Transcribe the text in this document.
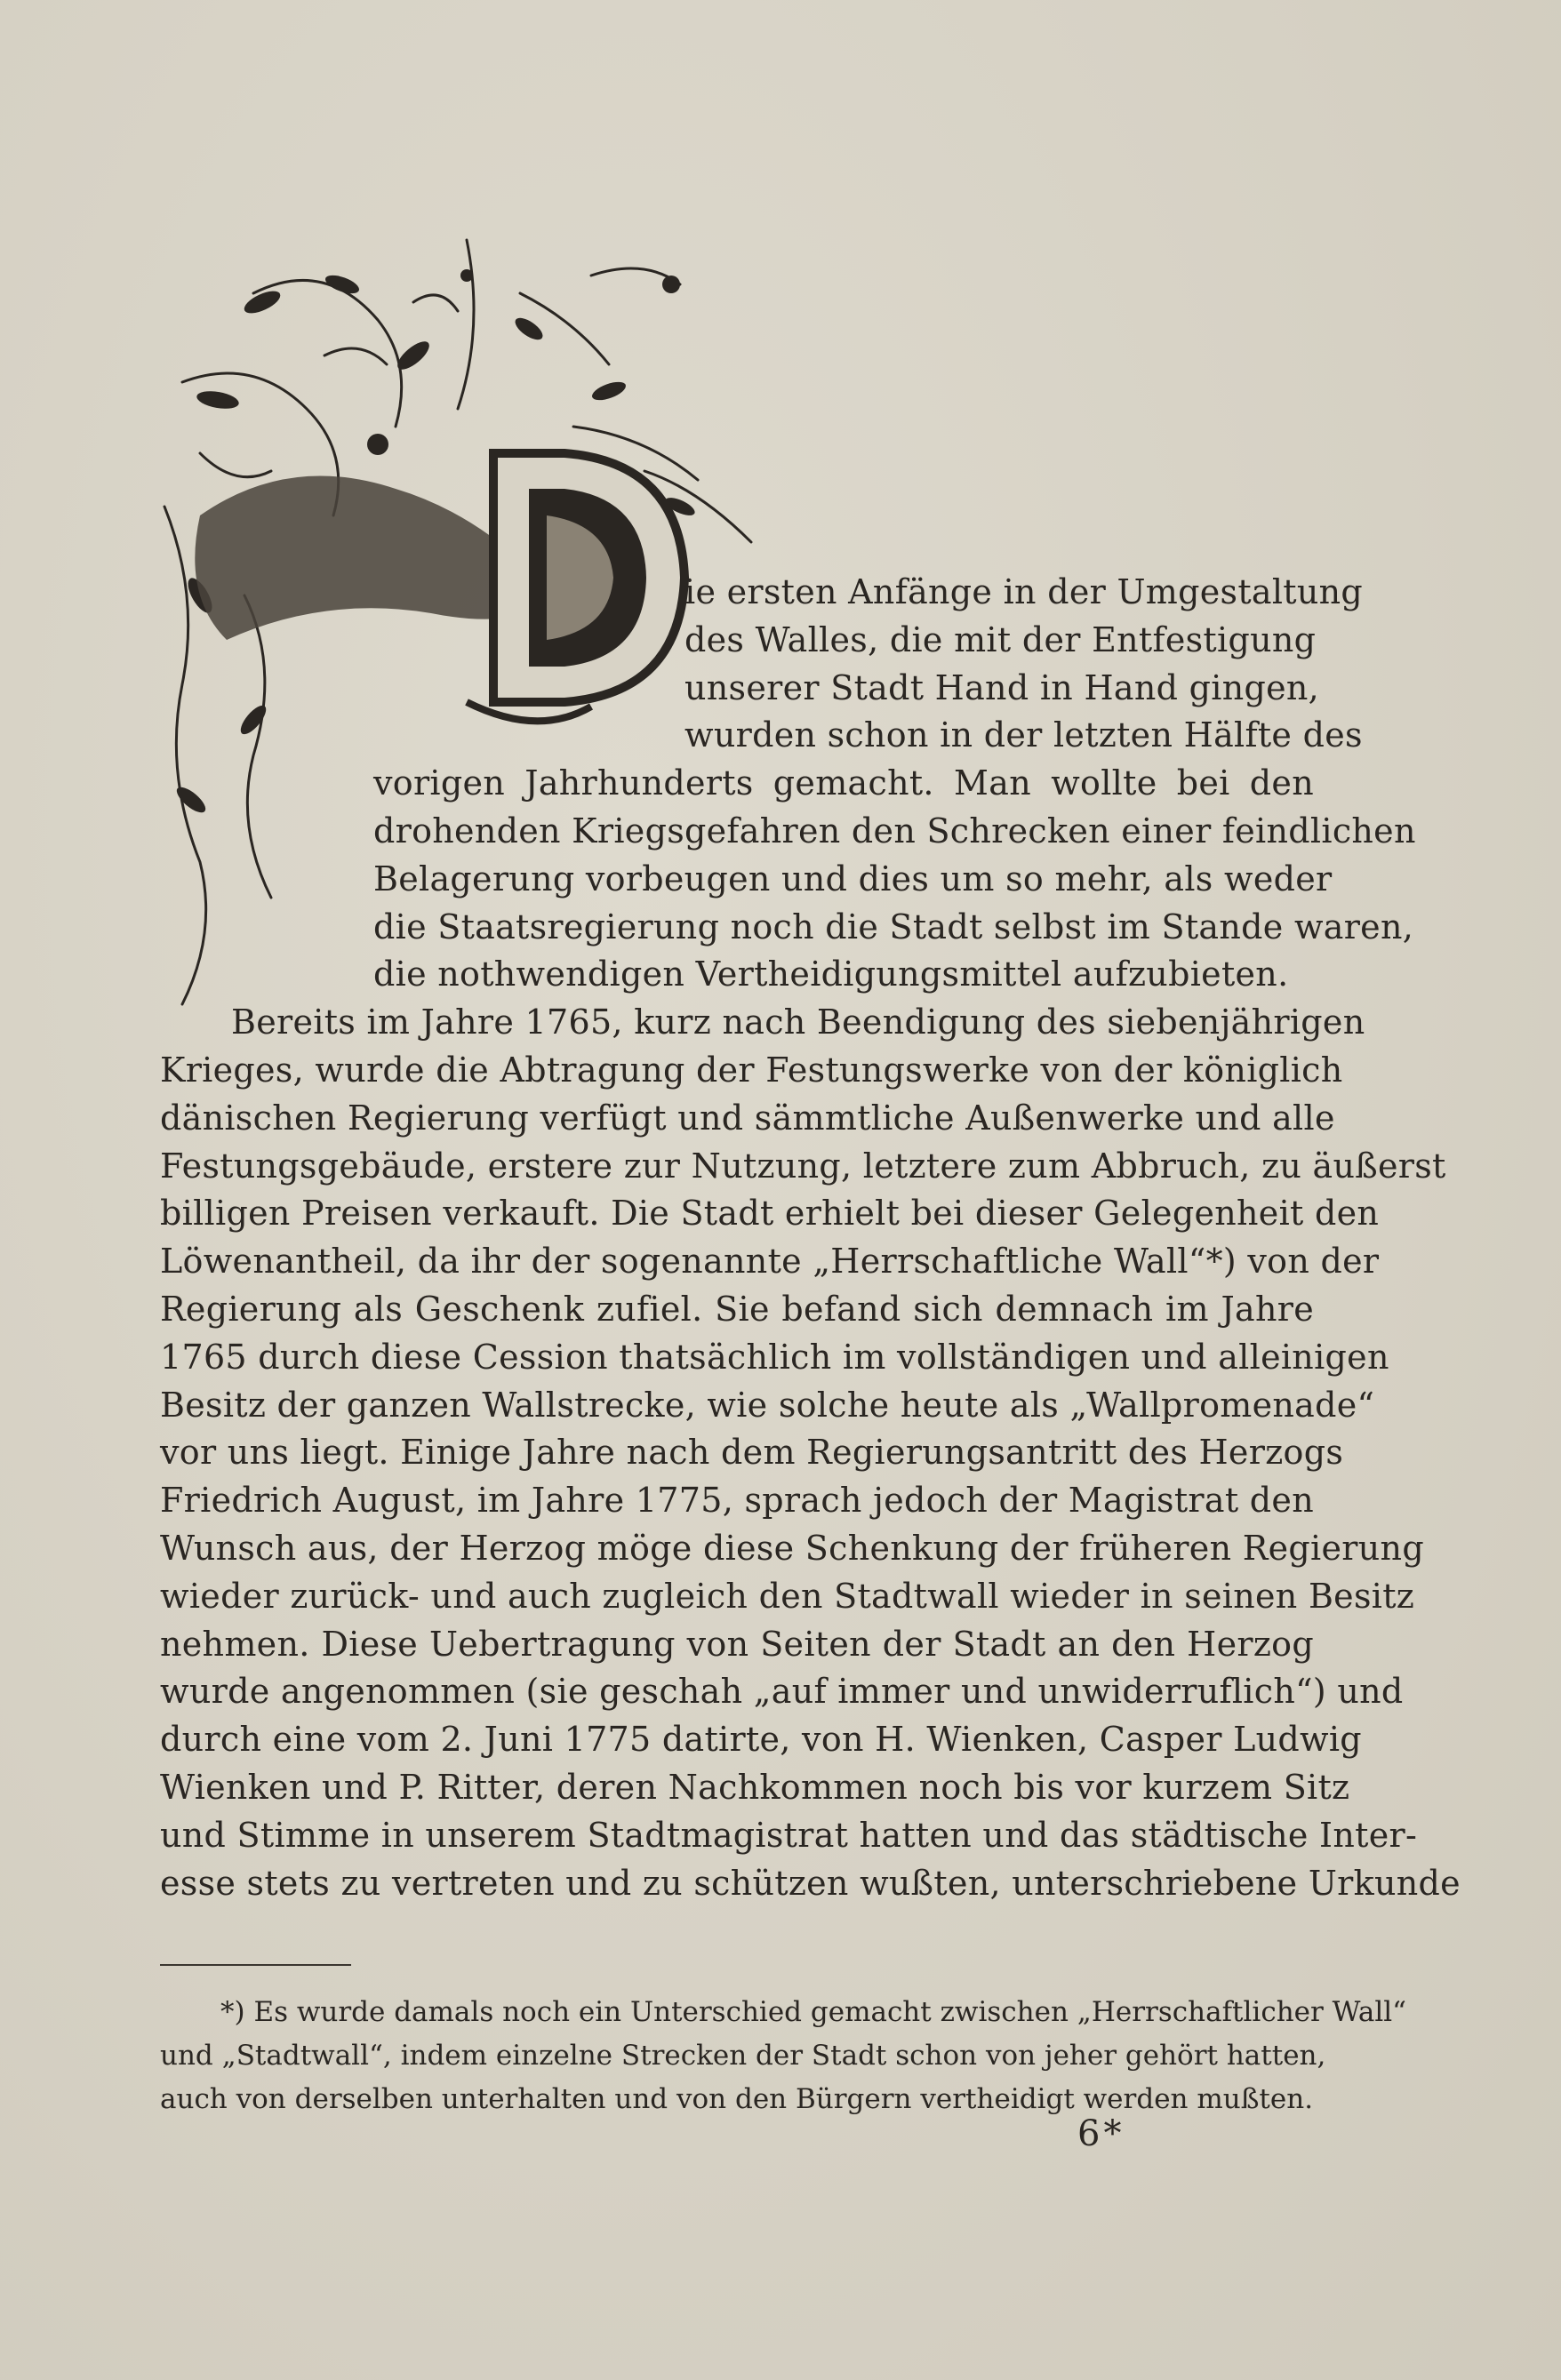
ie ersten Anfänge in der Umgestaltung
des Walles, die mit der Entfestigung
unserer Stadt Hand in Hand gingen,
wurden schon in der letzten Hälfte des
vorigen Jahrhunderts gemacht. Man wollte bei den
drohenden Kriegsgefahren den Schrecken einer feindlichen
Belagerung vorbeugen und dies um so mehr, als weder
die Staatsregierung noch die Stadt selbst im Stande waren,
die nothwendigen Vertheidigungsmittel aufzubieten.
Bereits im Jahre 1765, kurz nach Beendigung des siebenjährigen
Krieges, wurde die Abtragung der Festungswerke von der königlich
dänischen Regierung verfügt und sämmtliche Außenwerke und alle
Festungsgebäude, erstere zur Nutzung, letztere zum Abbruch, zu äußerst
billigen Preisen verkauft. Die Stadt erhielt bei dieser Gelegenheit den
Löwenantheil, da ihr der sogenannte „Herrschaftliche Wall“*) von der
Regierung als Geschenk zufiel. Sie befand sich demnach im Jahre
1765 durch diese Cession thatsächlich im vollständigen und alleinigen
Besitz der ganzen Wallstrecke, wie solche heute als „Wallpromenade“
vor uns liegt. Einige Jahre nach dem Regierungsantritt des Herzogs
Friedrich August, im Jahre 1775, sprach jedoch der Magistrat den
Wunsch aus, der Herzog möge diese Schenkung der früheren Regierung
wieder zurück- und auch zugleich den Stadtwall wieder in seinen Besitz
nehmen. Diese Uebertragung von Seiten der Stadt an den Herzog
wurde angenommen (sie geschah „auf immer und unwiderruflich“) und
durch eine vom 2. Juni 1775 datirte, von H. Wienken, Casper Ludwig
Wienken und P. Ritter, deren Nachkommen noch bis vor kurzem Sitz
und Stimme in unserem Stadtmagistrat hatten und das städtische Inter-
esse stets zu vertreten und zu schützen wußten, unterschriebene Urkunde
*) Es wurde damals noch ein Unterschied gemacht zwischen „Herrschaftlicher Wall“
und „Stadtwall“, indem einzelne Strecken der Stadt schon von jeher gehört hatten,
auch von derselben unterhalten und von den Bürgern vertheidigt werden mußten.
6*
